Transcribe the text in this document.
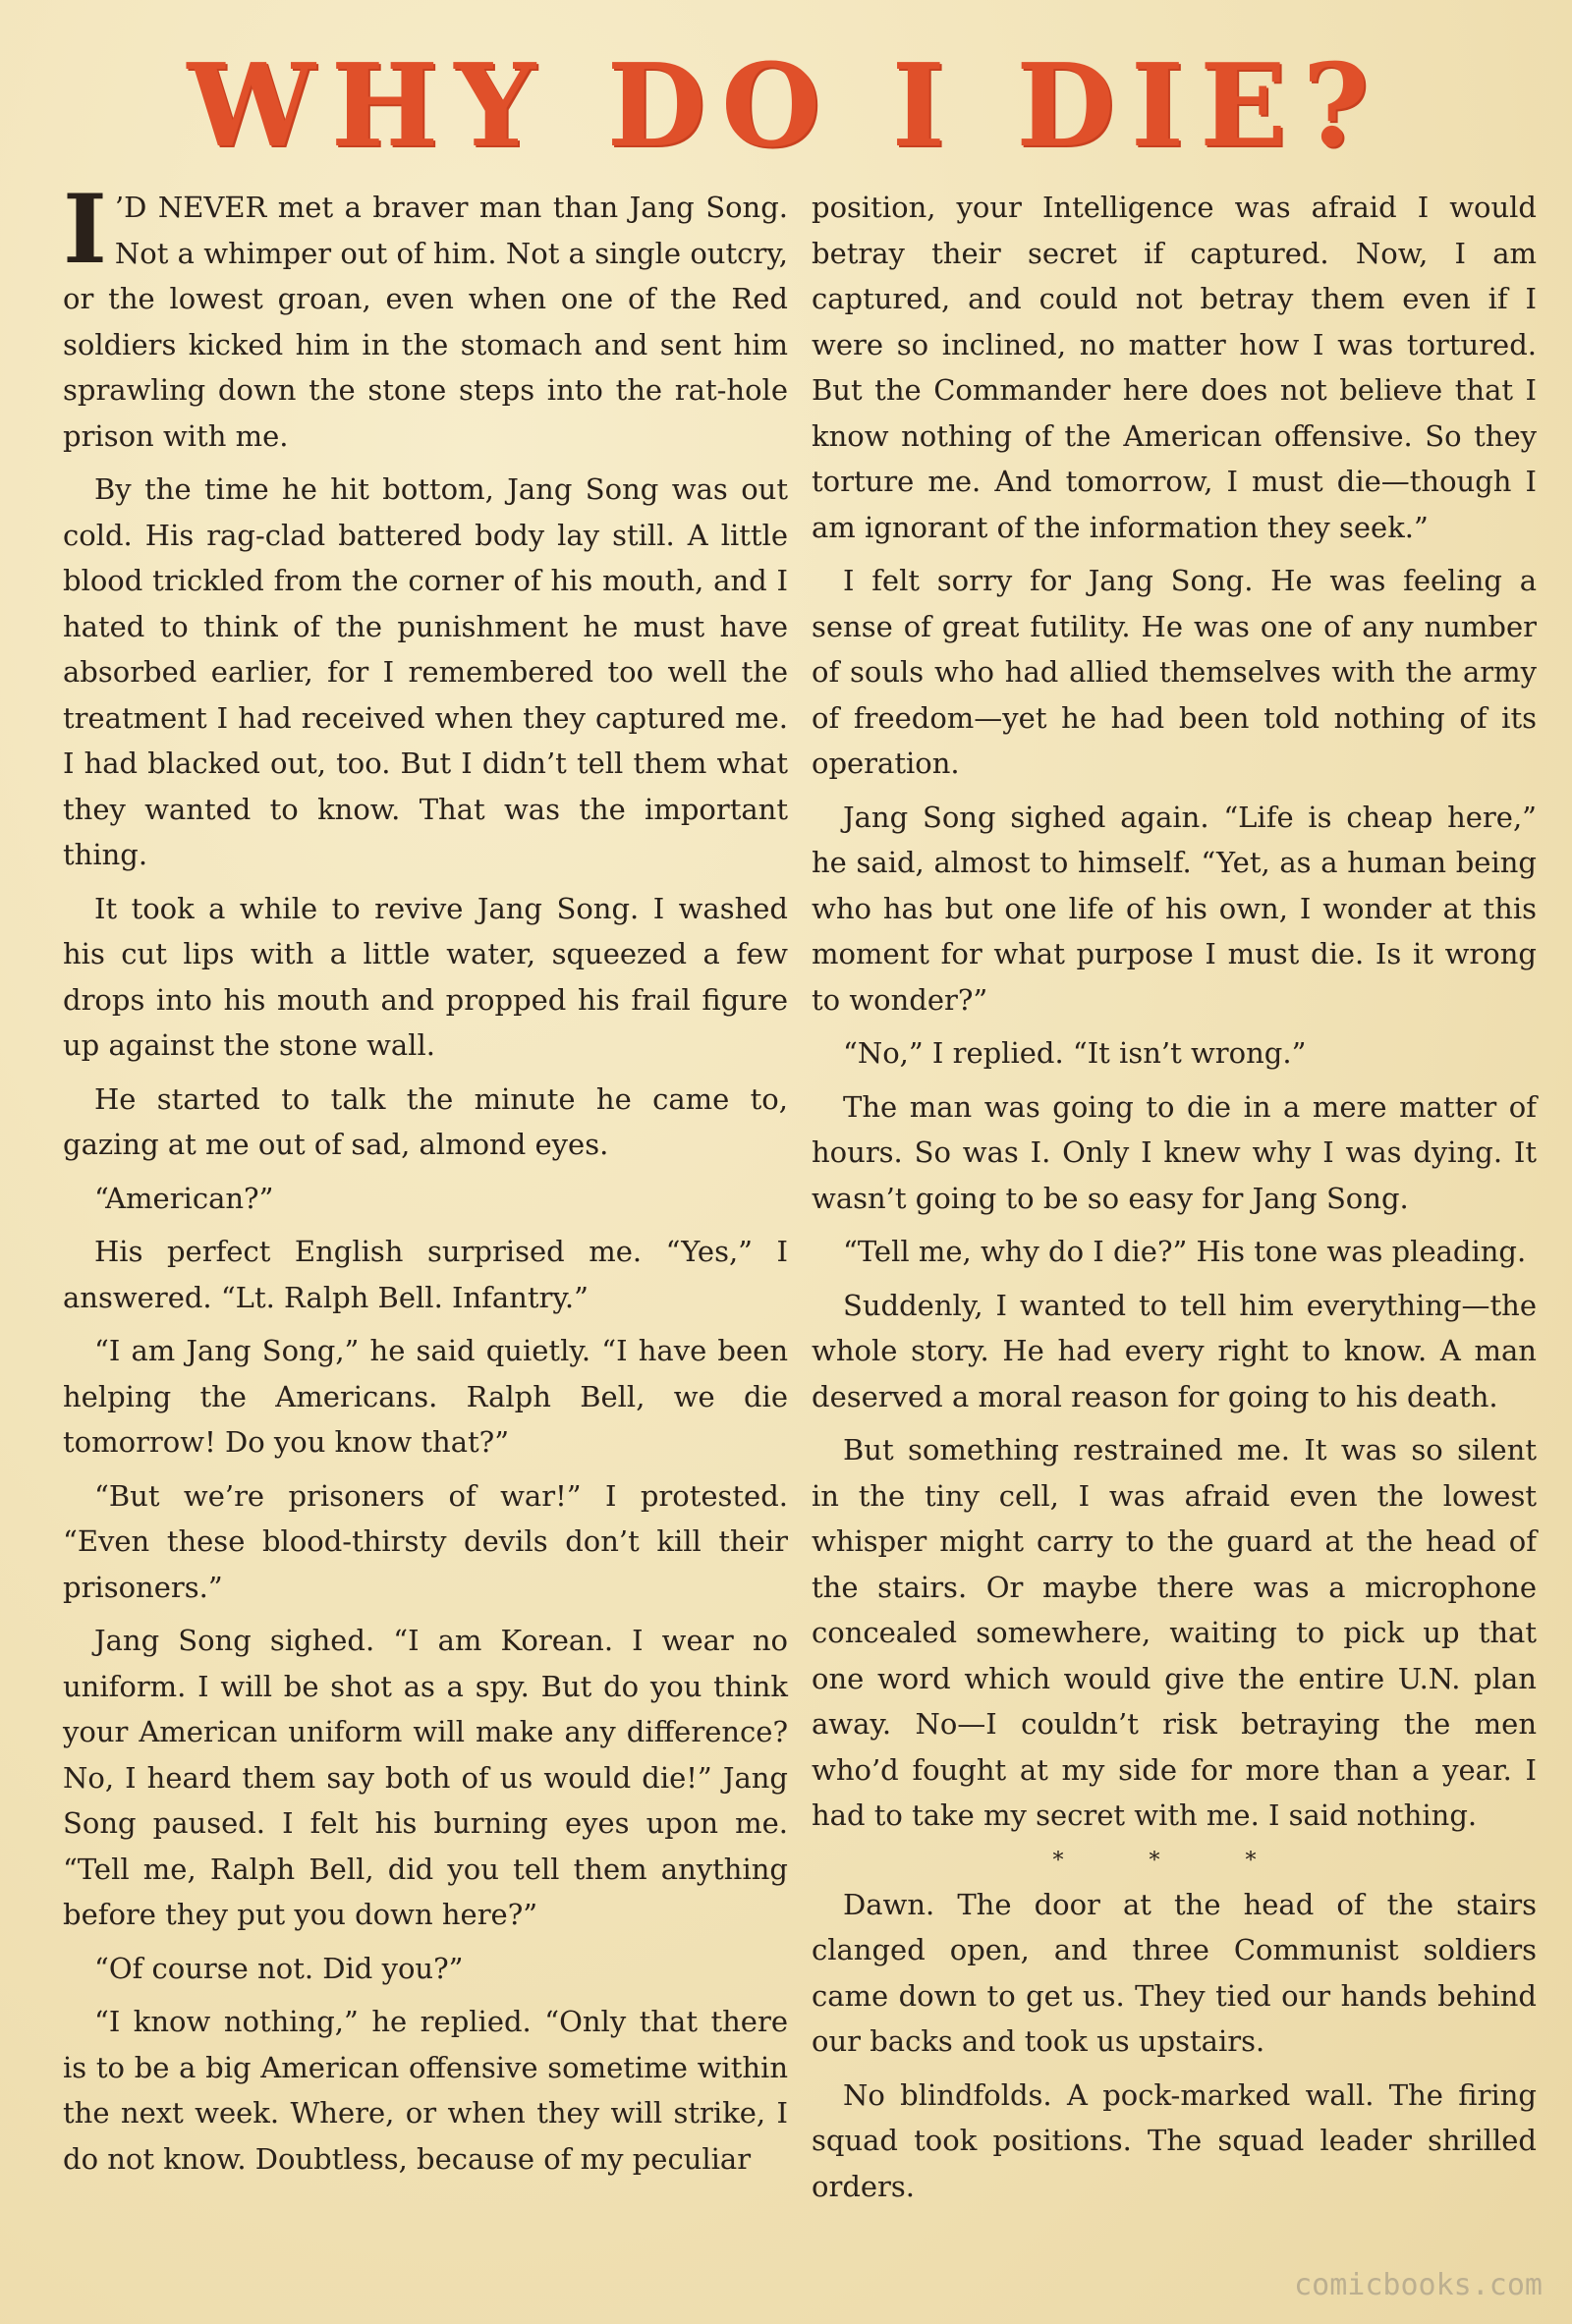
WHY DO I DIE?

I ’D NEVER met a braver man than Jang Song. Not a whimper out of him. Not a single outcry, or the lowest groan, even when one of the Red soldiers kicked him in the stomach and sent him sprawling down the stone steps into the rat-hole prison with me.

By the time he hit bottom, Jang Song was out cold. His rag-clad battered body lay still. A little blood trickled from the corner of his mouth, and I hated to think of the punishment he must have absorbed earlier, for I remembered too well the treatment I had received when they captured me. I had blacked out, too. But I didn’t tell them what they wanted to know. That was the important thing.

It took a while to revive Jang Song. I washed his cut lips with a little water, squeezed a few drops into his mouth and propped his frail figure up against the stone wall.

He started to talk the minute he came to, gazing at me out of sad, almond eyes.

“American?”

His perfect English surprised me. “Yes,” I answered. “Lt. Ralph Bell. Infantry.”

“I am Jang Song,” he said quietly. “I have been helping the Americans. Ralph Bell, we die tomorrow! Do you know that?”

“But we’re prisoners of war!” I protested. “Even these blood-thirsty devils don’t kill their prisoners.”

Jang Song sighed. “I am Korean. I wear no uniform. I will be shot as a spy. But do you think your American uniform will make any difference? No, I heard them say both of us would die!” Jang Song paused. I felt his burning eyes upon me. “Tell me, Ralph Bell, did you tell them anything before they put you down here?”

“Of course not. Did you?”

“I know nothing,” he replied. “Only that there is to be a big American offensive sometime within the next week. Where, or when they will strike, I do not know. Doubtless, because of my peculiar

position, your Intelligence was afraid I would betray their secret if captured. Now, I am captured, and could not betray them even if I were so inclined, no matter how I was tortured. But the Commander here does not believe that I know nothing of the American offensive. So they torture me. And tomorrow, I must die—though I am ignorant of the information they seek.”

I felt sorry for Jang Song. He was feeling a sense of great futility. He was one of any number of souls who had allied themselves with the army of freedom—yet he had been told nothing of its operation.

Jang Song sighed again. “Life is cheap here,” he said, almost to himself. “Yet, as a human being who has but one life of his own, I wonder at this moment for what purpose I must die. Is it wrong to wonder?”

“No,” I replied. “It isn’t wrong.”

The man was going to die in a mere matter of hours. So was I. Only I knew why I was dying. It wasn’t going to be so easy for Jang Song.

“Tell me, why do I die?” His tone was pleading.

Suddenly, I wanted to tell him everything—the whole story. He had every right to know. A man deserved a moral reason for going to his death.

But something restrained me. It was so silent in the tiny cell, I was afraid even the lowest whisper might carry to the guard at the head of the stairs. Or maybe there was a microphone concealed somewhere, waiting to pick up that one word which would give the entire U.N. plan away. No—I couldn’t risk betraying the men who’d fought at my side for more than a year. I had to take my secret with me. I said nothing.

* * *

Dawn. The door at the head of the stairs clanged open, and three Communist soldiers came down to get us. They tied our hands behind our backs and took us upstairs.

No blindfolds. A pock-marked wall. The firing squad took positions. The squad leader shrilled orders.

comicbooks.com
